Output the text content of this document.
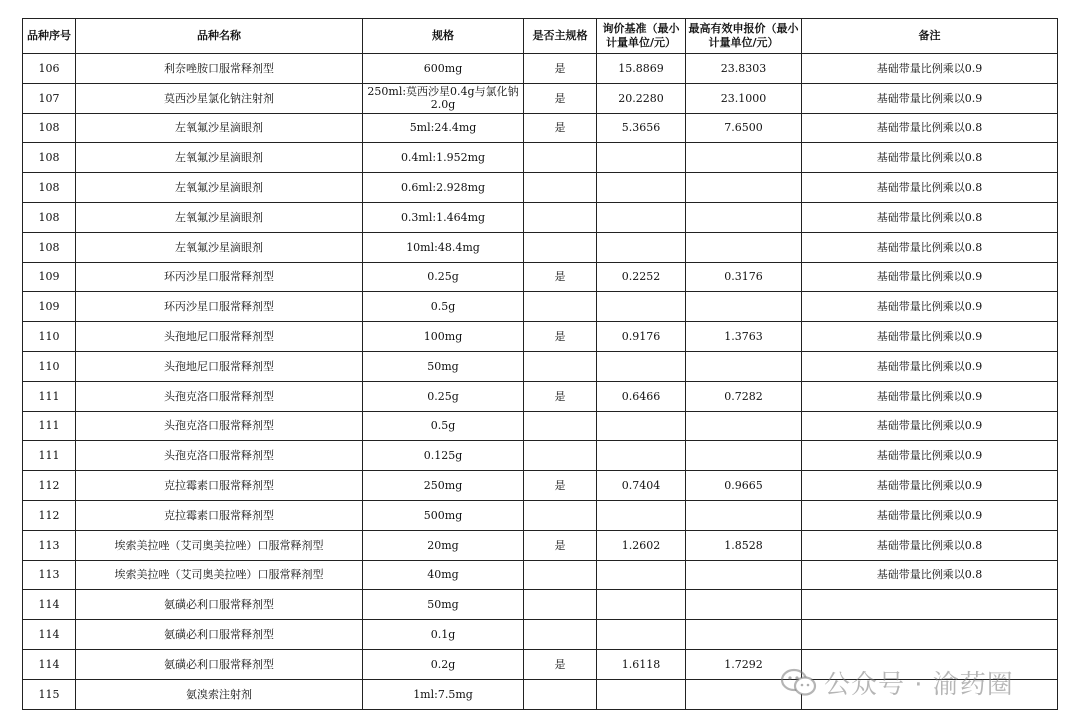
品种序号	品种名称	规格	是否主规格	询价基准（最小计量单位/元）	最高有效申报价（最小计量单位/元）	备注
106	利奈唑胺口服常释剂型	600mg	是	15.8869	23.8303	基础带量比例乘以0.9
107	莫西沙星氯化钠注射剂	250ml:莫西沙星0.4g与氯化钠2.0g	是	20.2280	23.1000	基础带量比例乘以0.9
108	左氧氟沙星滴眼剂	5ml:24.4mg	是	5.3656	7.6500	基础带量比例乘以0.8
108	左氧氟沙星滴眼剂	0.4ml:1.952mg				基础带量比例乘以0.8
108	左氧氟沙星滴眼剂	0.6ml:2.928mg				基础带量比例乘以0.8
108	左氧氟沙星滴眼剂	0.3ml:1.464mg				基础带量比例乘以0.8
108	左氧氟沙星滴眼剂	10ml:48.4mg				基础带量比例乘以0.8
109	环丙沙星口服常释剂型	0.25g	是	0.2252	0.3176	基础带量比例乘以0.9
109	环丙沙星口服常释剂型	0.5g				基础带量比例乘以0.9
110	头孢地尼口服常释剂型	100mg	是	0.9176	1.3763	基础带量比例乘以0.9
110	头孢地尼口服常释剂型	50mg				基础带量比例乘以0.9
111	头孢克洛口服常释剂型	0.25g	是	0.6466	0.7282	基础带量比例乘以0.9
111	头孢克洛口服常释剂型	0.5g				基础带量比例乘以0.9
111	头孢克洛口服常释剂型	0.125g				基础带量比例乘以0.9
112	克拉霉素口服常释剂型	250mg	是	0.7404	0.9665	基础带量比例乘以0.9
112	克拉霉素口服常释剂型	500mg				基础带量比例乘以0.9
113	埃索美拉唑（艾司奥美拉唑）口服常释剂型	20mg	是	1.2602	1.8528	基础带量比例乘以0.8
113	埃索美拉唑（艾司奥美拉唑）口服常释剂型	40mg				基础带量比例乘以0.8
114	氨磺必利口服常释剂型	50mg				
114	氨磺必利口服常释剂型	0.1g				
114	氨磺必利口服常释剂型	0.2g	是	1.6118	1.7292	
115	氨溴索注射剂	1ml:7.5mg					公众号 · 渝药圈
